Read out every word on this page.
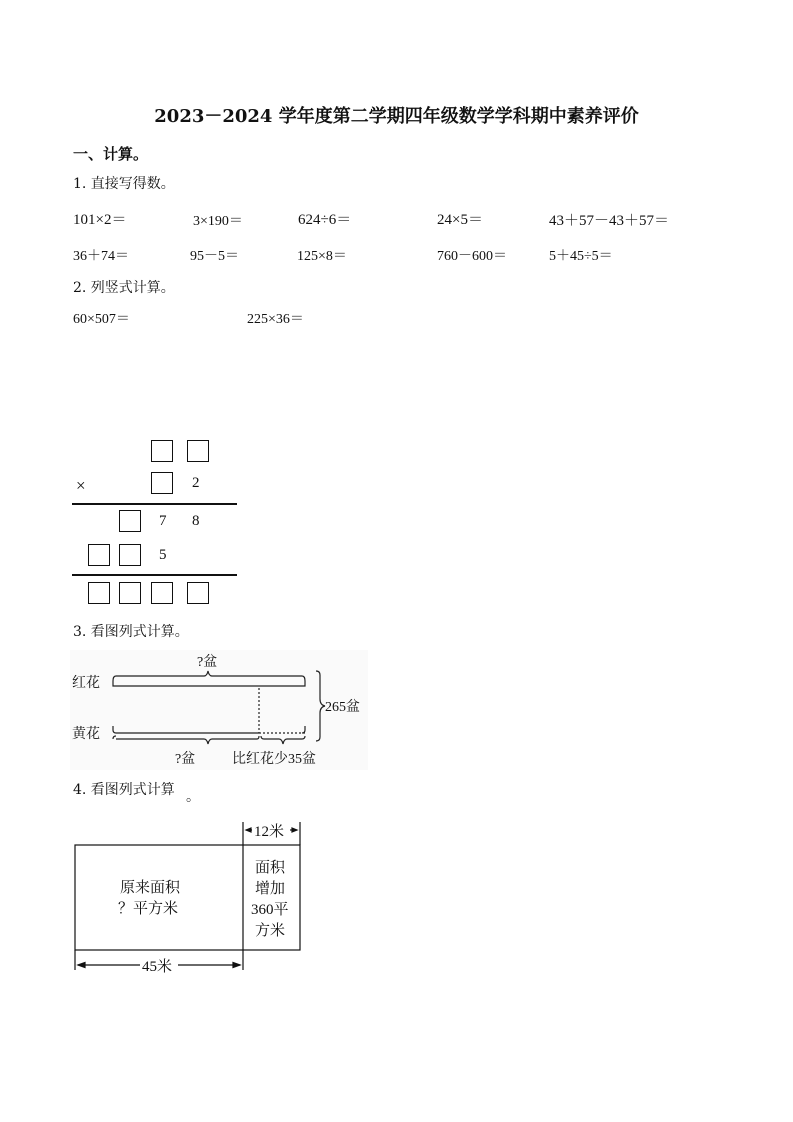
2023－2024 学年度第二学期四年级数学学科期中素养评价
一、计算。
1. 直接写得数。
101×2＝	3×190＝	624÷6＝	24×5＝	43＋57－43＋57＝
36＋74＝	95－5＝	125×8＝	760－600＝	5＋45÷5＝
2. 列竖式计算。
60×507＝	225×36＝
×	2
7 8
5
3. 看图列式计算。
红花
黄花
?盆
?盆	比红花少35盆
265盆
12米
45米
原来面积
？平方米
面积
增加
360平
方米
4. 看图列式计算 。
